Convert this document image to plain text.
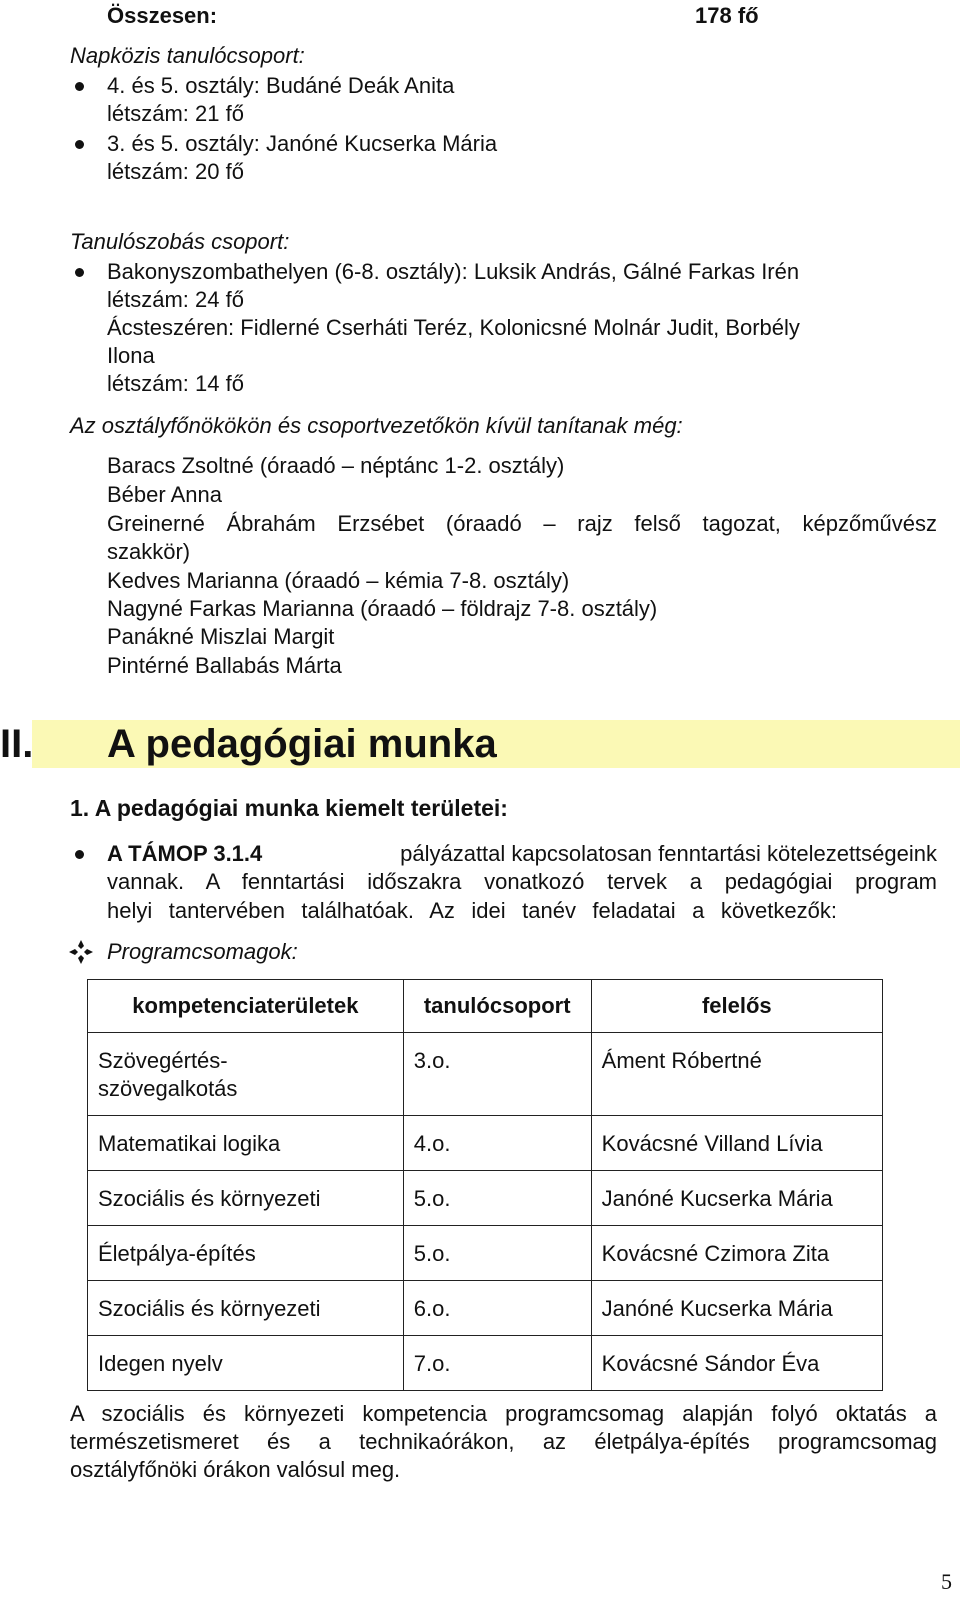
Összesen:	178 fő
Napközis tanulócsoport:
4. és 5. osztály: Budáné Deák Anita
létszám: 21 fő
3. és 5. osztály: Janóné Kucserka Mária
létszám: 20 fő
Tanulószobás csoport:
Bakonyszombathelyen (6-8. osztály): Luksik András, Gálné Farkas Irén
létszám: 24 fő
Ácsteszéren: Fidlerné Cserháti Teréz, Kolonicsné Molnár Judit, Borbély
Ilona
létszám: 14 fő
Az osztályfőnökökön és csoportvezetőkön kívül tanítanak még:
Baracs Zsoltné (óraadó – néptánc 1-2. osztály)
Béber Anna
Greinerné Ábrahám Erzsébet (óraadó – rajz felső tagozat, képzőművész
szakkör)
Kedves Marianna (óraadó – kémia 7-8. osztály)
Nagyné Farkas Marianna (óraadó – földrajz 7-8. osztály)
Panákné Miszlai Margit
Pintérné Ballabás Márta
II. A pedagógiai munka
1. A pedagógiai munka kiemelt területei:
A TÁMOP 3.1.4	pályázattal kapcsolatosan fenntartási kötelezettségeink
vannak. A fenntartási időszakra vonatkozó tervek a pedagógiai program
helyi tantervében találhatóak. Az idei tanév feladatai a következők:
Programcsomagok:
kompetenciaterületek	tanulócsoport	felelős
Szövegértés-
szövegalkotás	3.o.	Áment Róbertné
Matematikai logika	4.o.	Kovácsné Villand Lívia
Szociális és környezeti	5.o.	Janóné Kucserka Mária
Életpálya-építés	5.o.	Kovácsné Czimora Zita
Szociális és környezeti	6.o.	Janóné Kucserka Mária
Idegen nyelv	7.o.	Kovácsné Sándor Éva
A szociális és környezeti kompetencia programcsomag alapján folyó oktatás a
természetismeret és a technikaórákon, az életpálya-építés programcsomag
osztályfőnöki órákon valósul meg.
5
